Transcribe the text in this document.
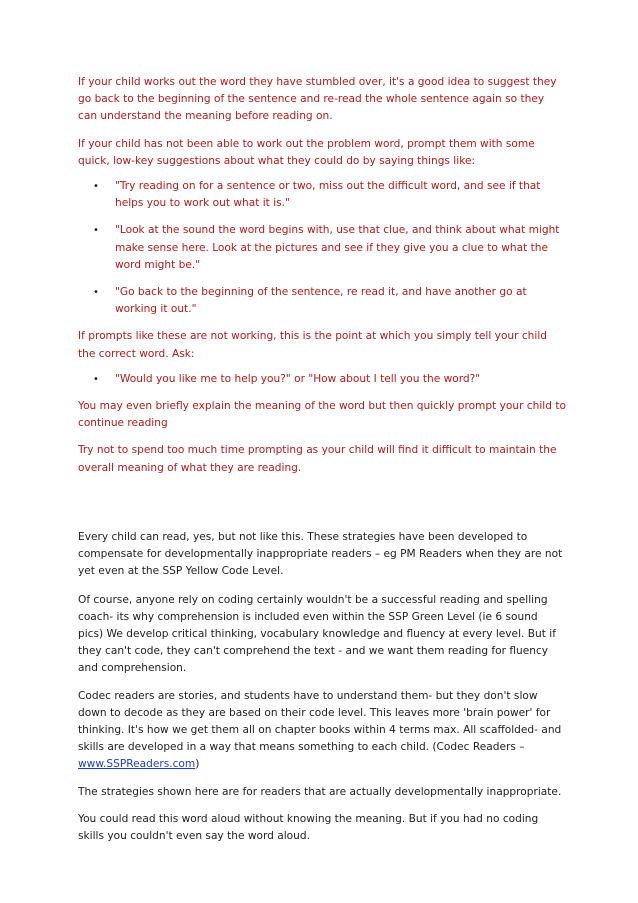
If your child works out the word they have stumbled over, it's a good idea to suggest they go back to the beginning of the sentence and re-read the whole sentence again so they can understand the meaning before reading on.

If your child has not been able to work out the problem word, prompt them with some quick, low-key suggestions about what they could do by saying things like:

• "Try reading on for a sentence or two, miss out the difficult word, and see if that helps you to work out what it is."
• "Look at the sound the word begins with, use that clue, and think about what might make sense here. Look at the pictures and see if they give you a clue to what the word might be."
• "Go back to the beginning of the sentence, re read it, and have another go at working it out."

If prompts like these are not working, this is the point at which you simply tell your child the correct word. Ask:

• "Would you like me to help you?" or "How about I tell you the word?"

You may even briefly explain the meaning of the word but then quickly prompt your child to continue reading

Try not to spend too much time prompting as your child will find it difficult to maintain the overall meaning of what they are reading.

Every child can read, yes, but not like this. These strategies have been developed to compensate for developmentally inappropriate readers – eg PM Readers when they are not yet even at the SSP Yellow Code Level.

Of course, anyone rely on coding certainly wouldn't be a successful reading and spelling coach- its why comprehension is included even within the SSP Green Level (ie 6 sound pics) We develop critical thinking, vocabulary knowledge and fluency at every level. But if they can't code, they can't comprehend the text - and we want them reading for fluency and comprehension.

Codec readers are stories, and students have to understand them- but they don't slow down to decode as they are based on their code level. This leaves more 'brain power' for thinking. It's how we get them all on chapter books within 4 terms max. All scaffolded- and skills are developed in a way that means something to each child. (Codec Readers – www.SSPReaders.com)

The strategies shown here are for readers that are actually developmentally inappropriate.

You could read this word aloud without knowing the meaning. But if you had no coding skills you couldn't even say the word aloud.
